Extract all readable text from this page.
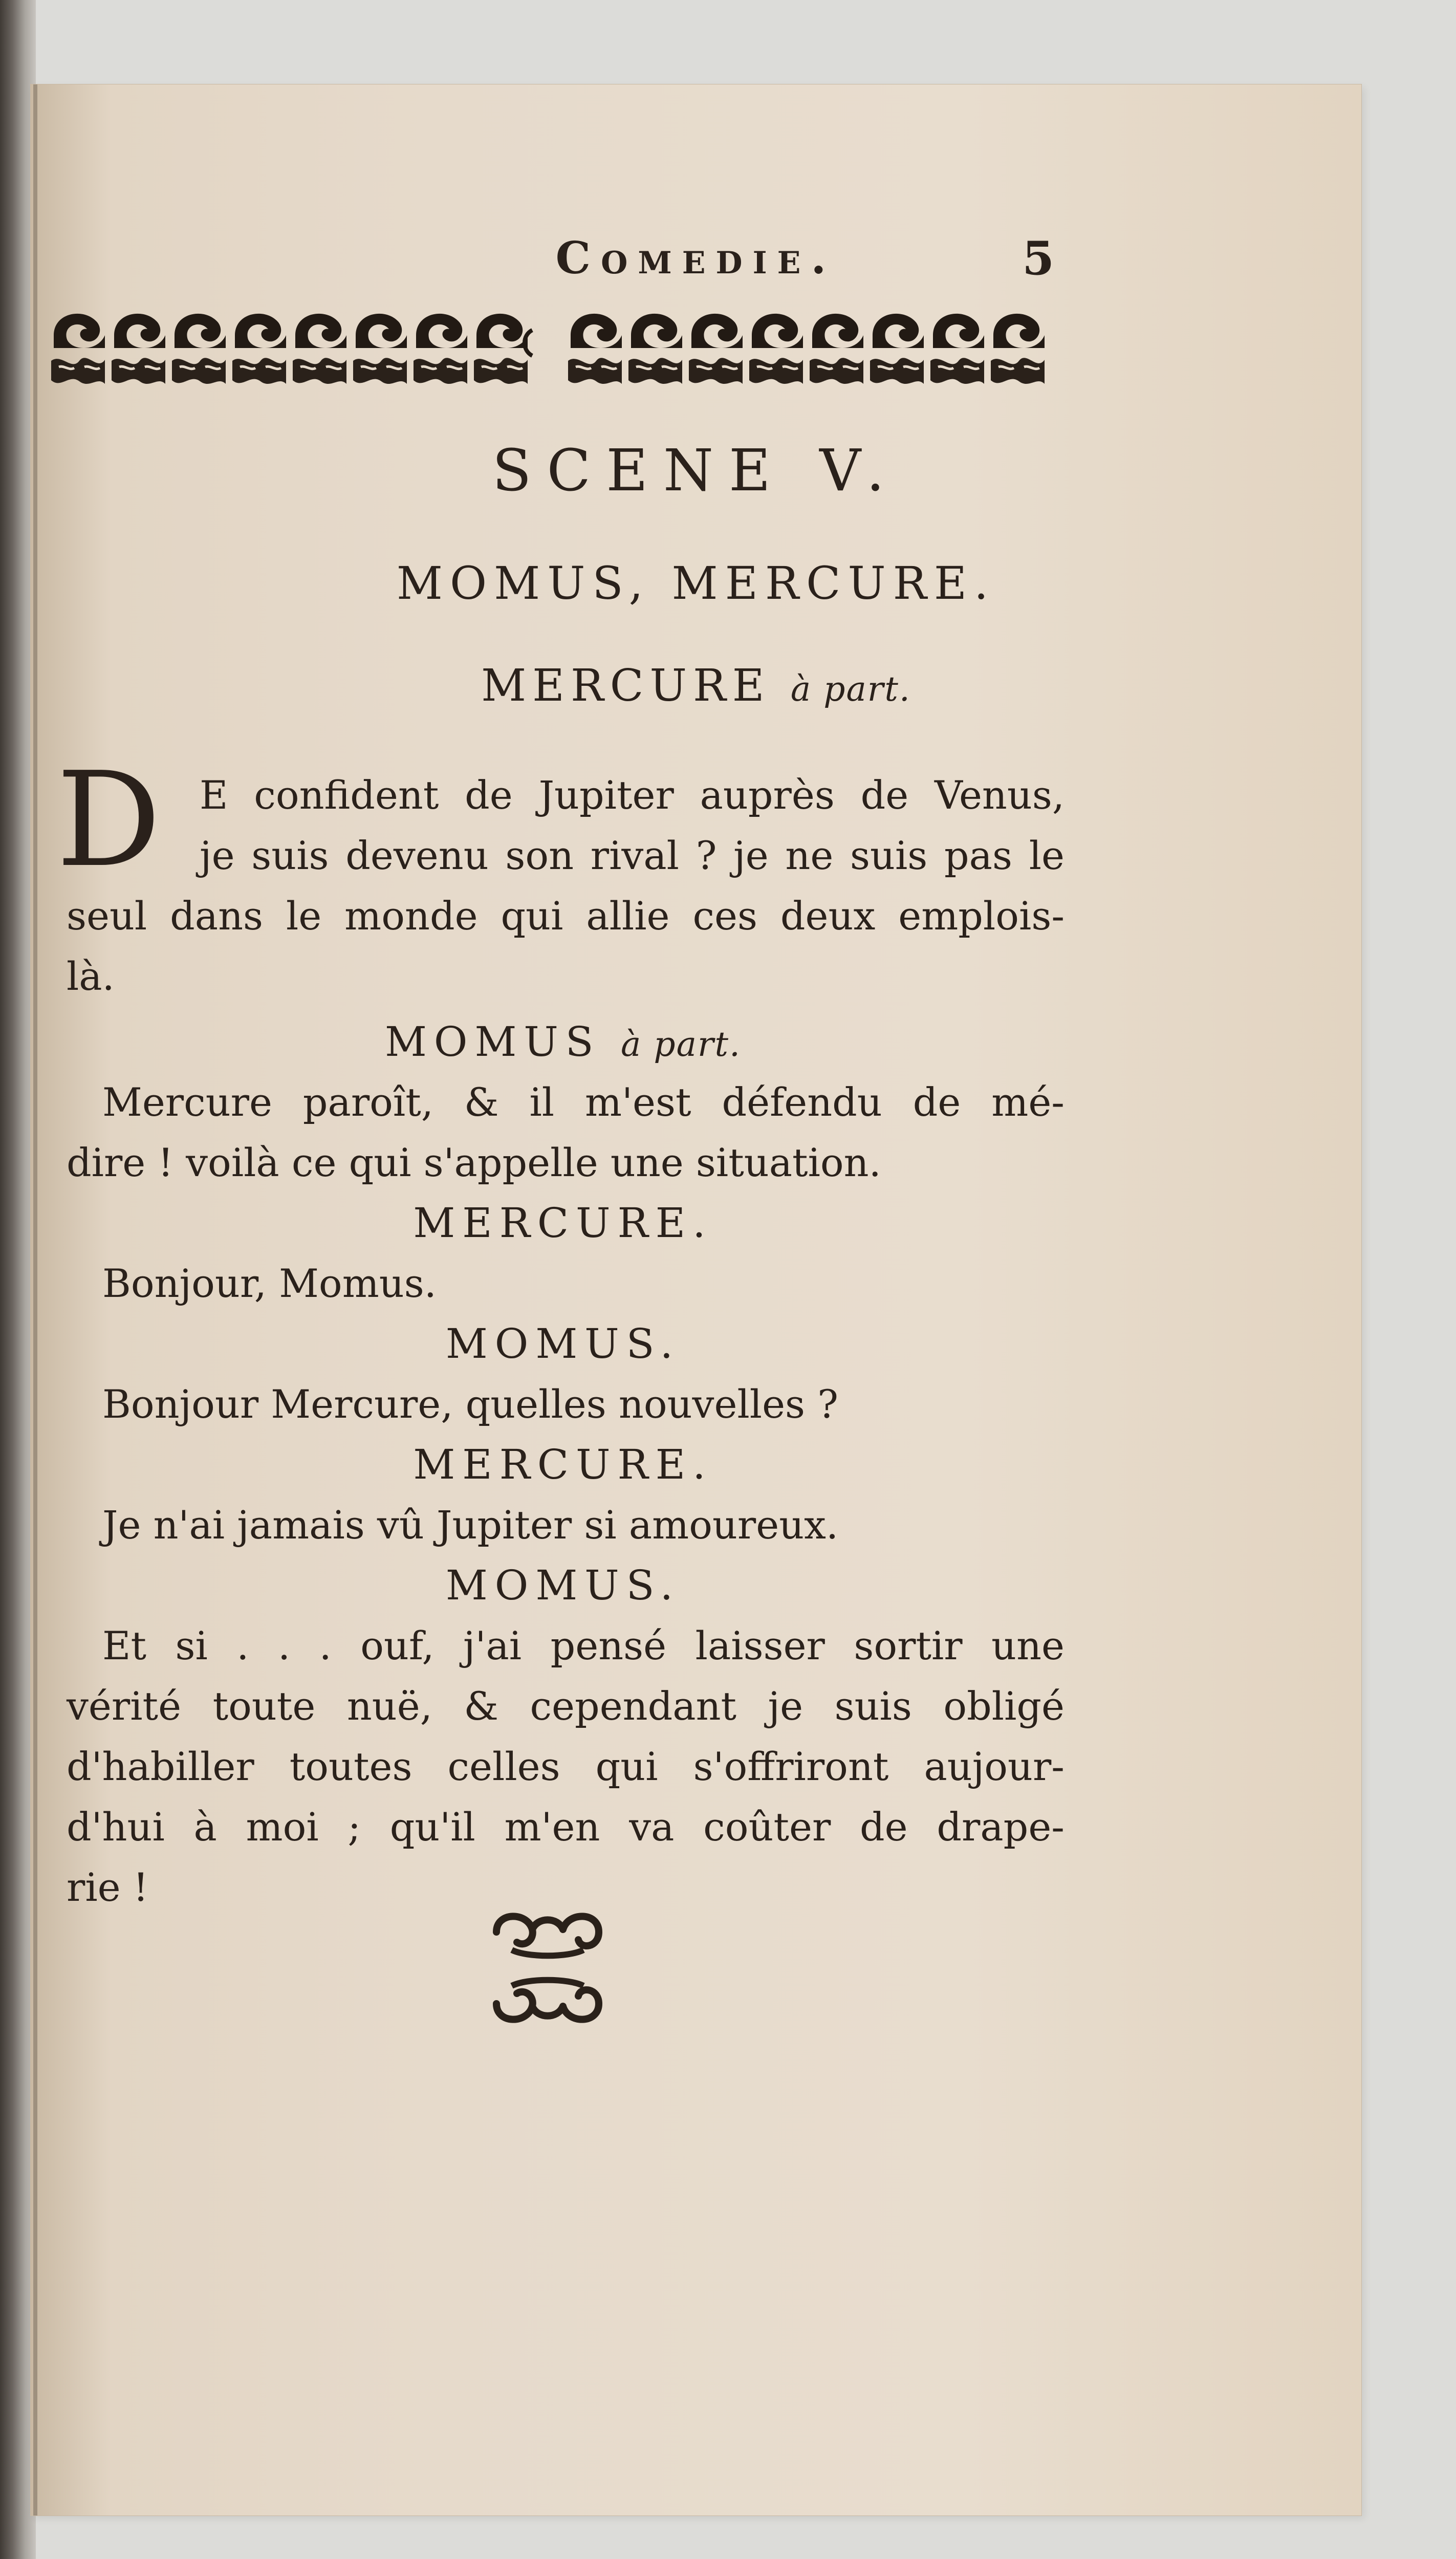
Comedie.	5
SCENE V.
MOMUS, MERCURE.
MERCURE à part.
D E confident de Jupiter auprès de Venus,
je suis devenu son rival ? je ne suis pas le
seul dans le monde qui allie ces deux emplois-
là.
MOMUS à part.
Mercure paroît, & il m'est défendu de mé-
dire ! voilà ce qui s'appelle une situation.
MERCURE.
Bonjour, Momus.
MOMUS.
Bonjour Mercure, quelles nouvelles ?
MERCURE.
Je n'ai jamais vû Jupiter si amoureux.
MOMUS.
Et si . . . ouf, j'ai pensé laisser sortir une
vérité toute nuë, & cependant je suis obligé
d'habiller toutes celles qui s'offriront aujour-
d'hui à moi ; qu'il m'en va coûter de drape-
rie !
